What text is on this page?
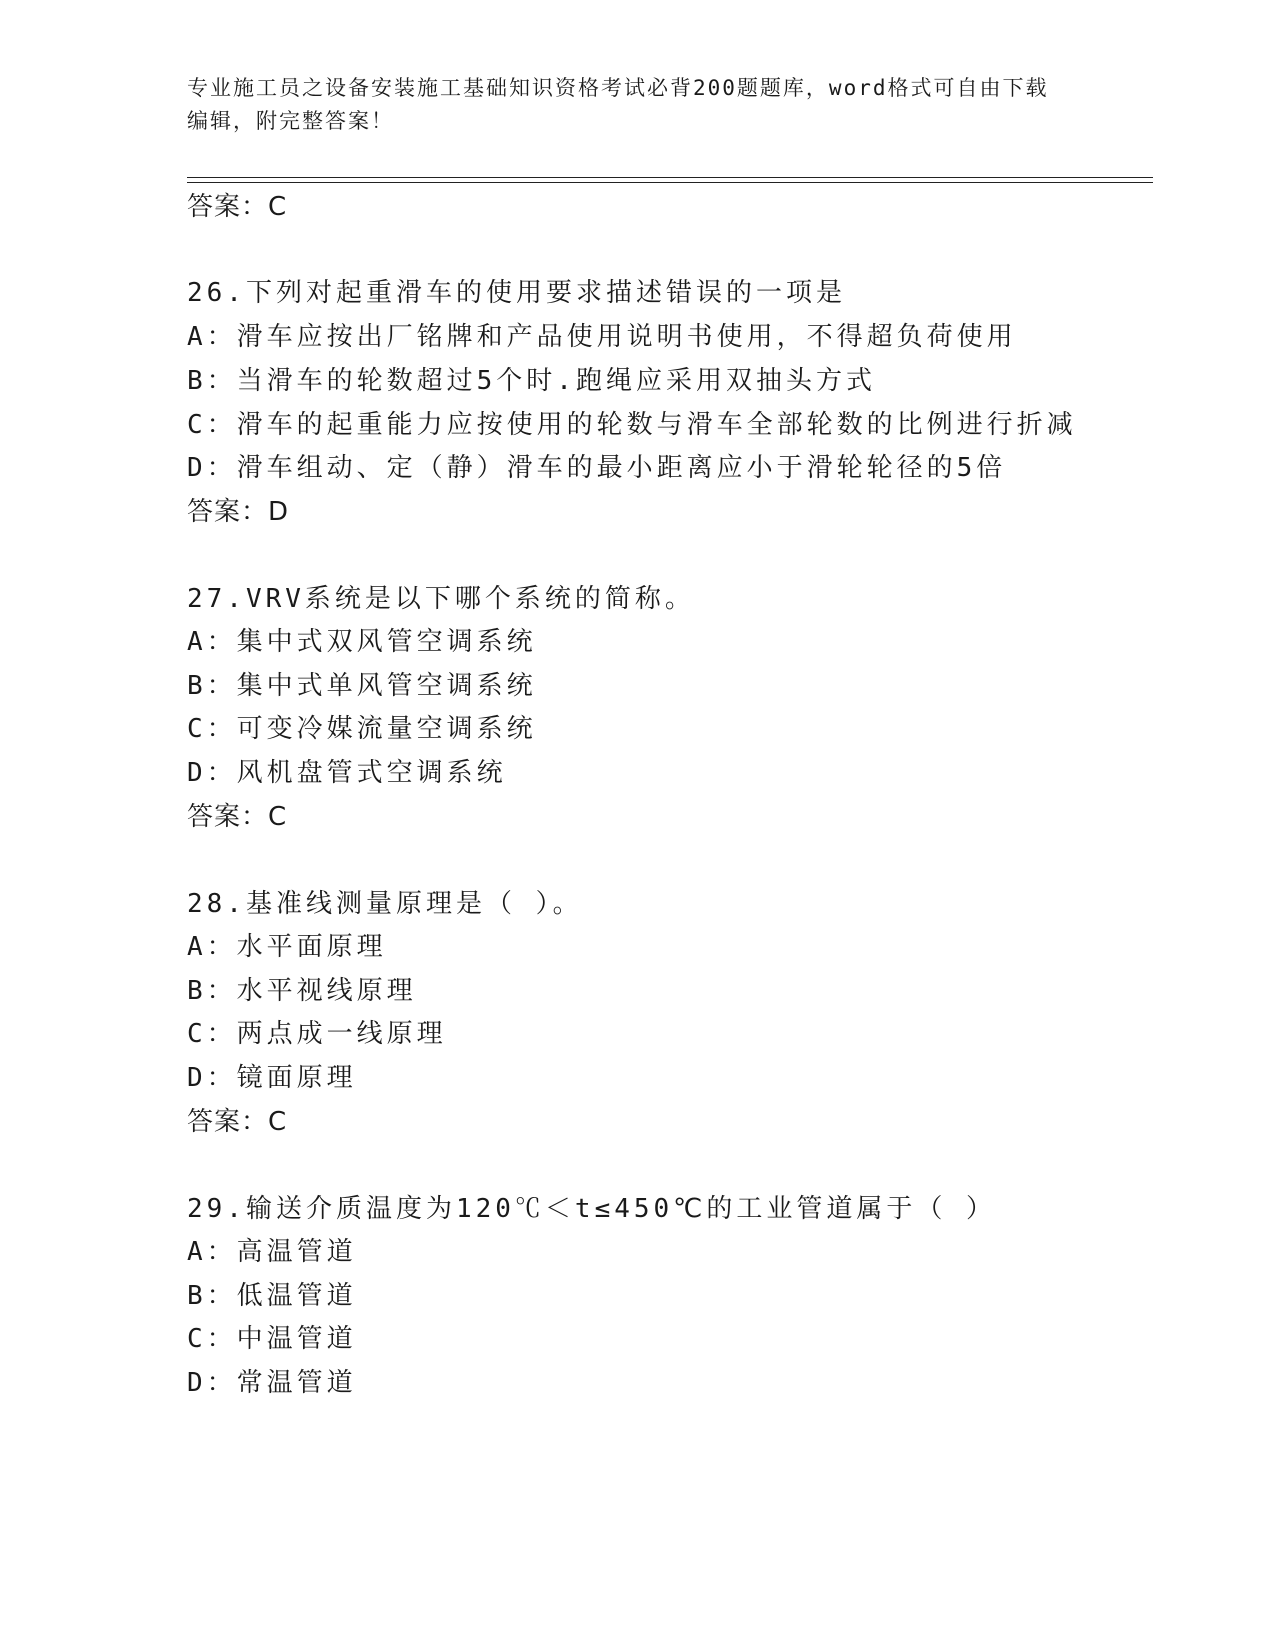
专业施工员之设备安装施工基础知识资格考试必背200题题库，word格式可自由下载编辑，附完整答案！
答案：C
26.下列对起重滑车的使用要求描述错误的一项是
A：滑车应按出厂铭牌和产品使用说明书使用，不得超负荷使用
B：当滑车的轮数超过5个时.跑绳应采用双抽头方式
C：滑车的起重能力应按使用的轮数与滑车全部轮数的比例进行折减
D：滑车组动、定（静）滑车的最小距离应小于滑轮轮径的5倍
答案：D
27.VRV系统是以下哪个系统的简称。
A：集中式双风管空调系统
B：集中式单风管空调系统
C：可变冷媒流量空调系统
D：风机盘管式空调系统
答案：C
28.基准线测量原理是（ ）。
A：水平面原理
B：水平视线原理
C：两点成一线原理
D：镜面原理
答案：C
29.输送介质温度为120℃＜t≤450℃的工业管道属于（ ）
A：高温管道
B：低温管道
C：中温管道
D：常温管道
